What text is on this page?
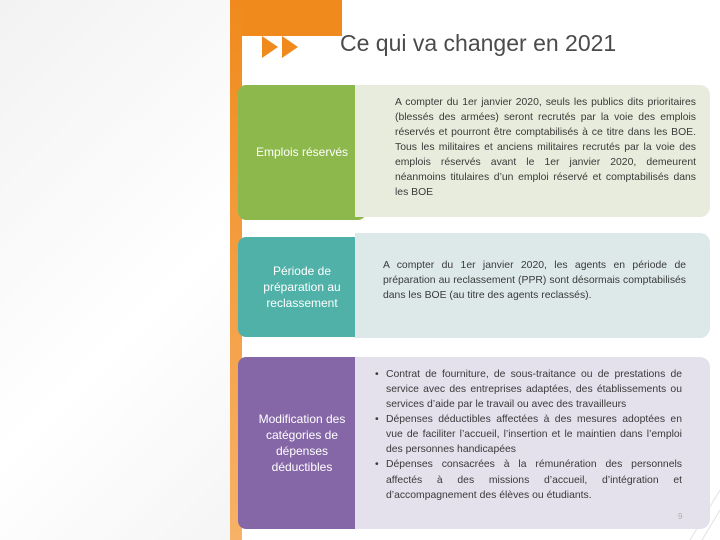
Ce qui va changer en 2021
Emplois réservés
A compter du 1er janvier 2020, seuls les publics dits prioritaires (blessés des armées) seront recrutés par la voie des emplois réservés et pourront être comptabilisés à ce titre dans les BOE. Tous les militaires et anciens militaires recrutés par la voie des emplois réservés avant le 1er janvier 2020, demeurent néanmoins titulaires d’un emploi réservé et comptabilisés dans les BOE
Période de préparation au reclassement
A compter du 1er janvier 2020, les agents en période de préparation au reclassement (PPR) sont désormais comptabilisés dans les BOE (au titre des agents reclassés).
Modification des catégories de dépenses déductibles
• Contrat de fourniture, de sous-traitance ou de prestations de service avec des entreprises adaptées, des établissements ou services d’aide par le travail ou avec des travailleurs
• Dépenses déductibles affectées à des mesures adoptées en vue de faciliter l’accueil, l’insertion et le maintien dans l’emploi des personnes handicapées
• Dépenses consacrées à la rémunération des personnels affectés à des missions d’accueil, d’intégration et d’accompagnement des élèves ou étudiants.
9
